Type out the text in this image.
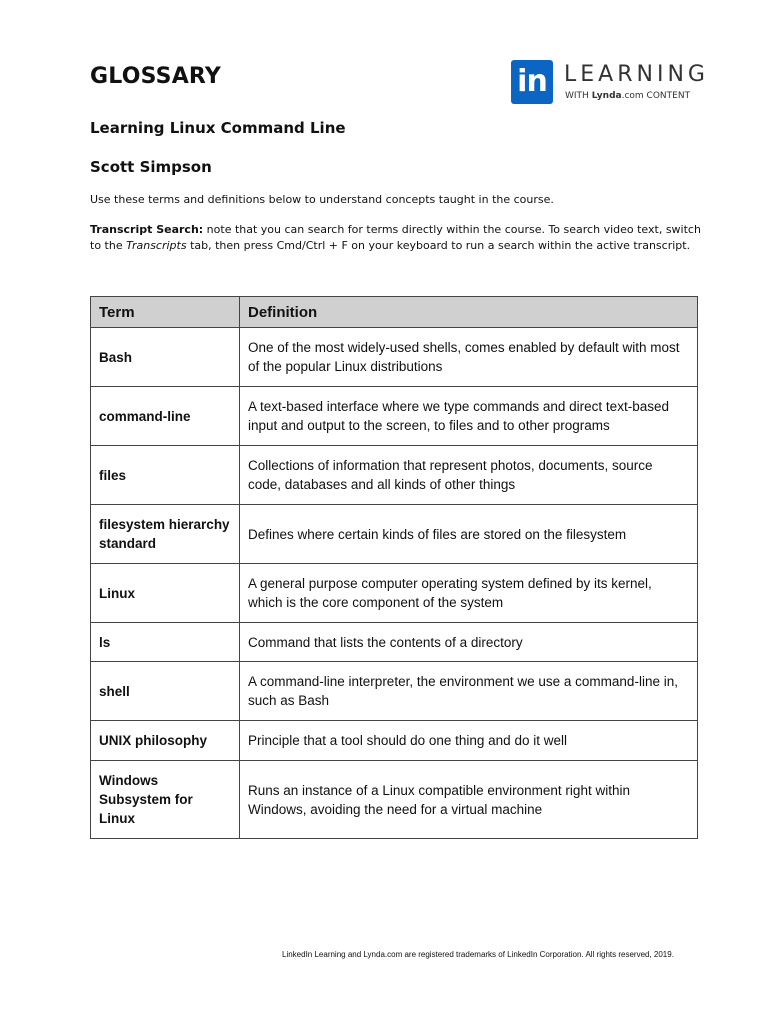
GLOSSARY	in LEARNING
WITH Lynda.com CONTENT
Learning Linux Command Line
Scott Simpson

Use these terms and definitions below to understand concepts taught in the course.

Transcript Search: note that you can search for terms directly within the course. To search video text, switch to the Transcripts tab, then press Cmd/Ctrl + F on your keyboard to run a search within the active transcript.

Term	Definition
Bash	One of the most widely-used shells, comes enabled by default with most of the popular Linux distributions
command-line	A text-based interface where we type commands and direct text-based input and output to the screen, to files and to other programs
files	Collections of information that represent photos, documents, source code, databases and all kinds of other things
filesystem hierarchy standard	Defines where certain kinds of files are stored on the filesystem
Linux	A general purpose computer operating system defined by its kernel, which is the core component of the system
ls	Command that lists the contents of a directory
shell	A command-line interpreter, the environment we use a command-line in, such as Bash
UNIX philosophy	Principle that a tool should do one thing and do it well
Windows Subsystem for Linux	Runs an instance of a Linux compatible environment right within Windows, avoiding the need for a virtual machine
LinkedIn Learning and Lynda.com are registered trademarks of LinkedIn Corporation. All rights reserved, 2019.
